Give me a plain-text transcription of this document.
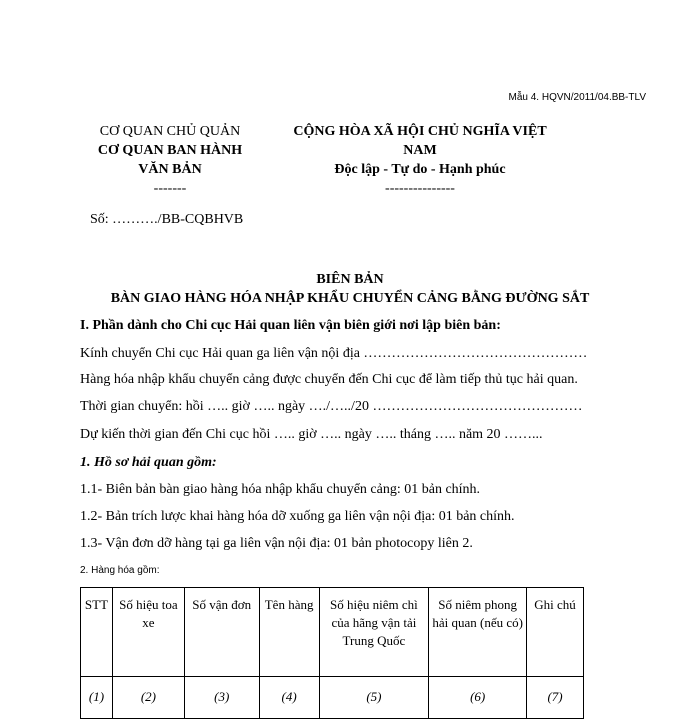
Mẫu 4. HQVN/2011/04.BB-TLV
CƠ QUAN CHỦ QUẢN
CƠ QUAN BAN HÀNH
VĂN BẢN
-------
CỘNG HÒA XÃ HỘI CHỦ NGHĨA VIỆT
NAM
Độc lập - Tự do - Hạnh phúc
---------------
Số: ………./BB-CQBHVB
BIÊN BẢN
BÀN GIAO HÀNG HÓA NHẬP KHẨU CHUYỂN CẢNG BẰNG ĐƯỜNG SẮT
I. Phần dành cho Chi cục Hải quan liên vận biên giới nơi lập biên bản:
Kính chuyển Chi cục Hải quan ga liên vận nội địa …………………………………………
Hàng hóa nhập khẩu chuyển cảng được chuyển đến Chi cục để làm tiếp thủ tục hải quan.
Thời gian chuyển: hồi ….. giờ ….. ngày …./…../20 ………………………………………
Dự kiến thời gian đến Chi cục hồi ….. giờ ….. ngày ….. tháng ….. năm 20 ……...
1. Hồ sơ hải quan gồm:
1.1- Biên bản bàn giao hàng hóa nhập khẩu chuyển cảng: 01 bản chính.
1.2- Bản trích lược khai hàng hóa dỡ xuống ga liên vận nội địa: 01 bản chính.
1.3- Vận đơn dỡ hàng tại ga liên vận nội địa: 01 bản photocopy liên 2.
2. Hàng hóa gồm:
STT	Số hiệu toa xe	Số vận đơn	Tên hàng	Số hiệu niêm chì của hãng vận tải Trung Quốc	Số niêm phong hải quan (nếu có)	Ghi chú
(1)	(2)	(3)	(4)	(5)	(6)	(7)
